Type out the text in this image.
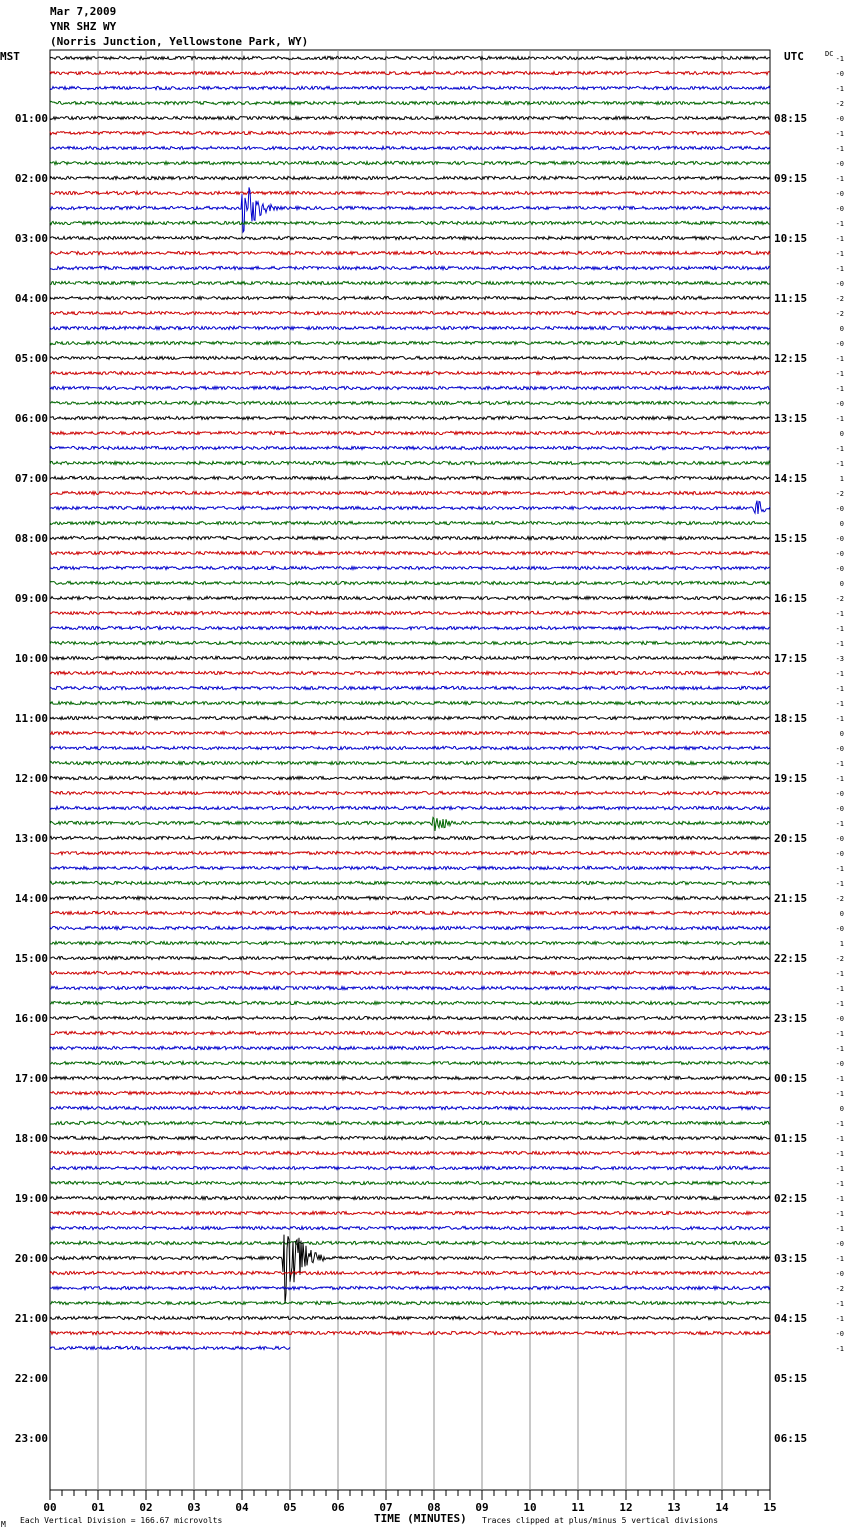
Mar 7,2009
YNR SHZ WY
(Norris Junction, Yellowstone Park, WY)
MST	UTC	DC
TIME (MINUTES)
Each Vertical Division = 166.67 microvolts	Traces clipped at plus/minus 5 vertical divisions
M
00	01	02	03	04	05	06	07	08	09	10	11	12	13	14	15
01:00
02:00
03:00
04:00
05:00
06:00
07:00
08:00
09:00
10:00
11:00
12:00
13:00
14:00
15:00
16:00
17:00
18:00
19:00
20:00
21:00
22:00
23:00
08:15
09:15
10:15
11:15
12:15
13:15
14:15
15:15
16:15
17:15
18:15
19:15
20:15
21:15
22:15
23:15
00:15
01:15
02:15
03:15
04:15
05:15
06:15
-1
-0
-1
-2
-0
-1
-1
-0
-1
-0
-0
-1
-1
-1
-1
-0
-2
-2
0
-0
-1
-1
-1
-0
-1
0
-1
-1
1
-2
-0
0
-0
-0
-0
0
-2
-1
-1
-1
-3
-1
-1
-1
-1
0
-0
-1
-1
-0
-0
-1
-0
-0
-1
-1
-2
0
-0
1
-2
-1
-1
-1
-0
-1
-1
-0
-1
-1
0
-1
-1
-1
-1
-1
-1
-1
-1
-0
-1
-0
-2
-1
-1
-0
-1
